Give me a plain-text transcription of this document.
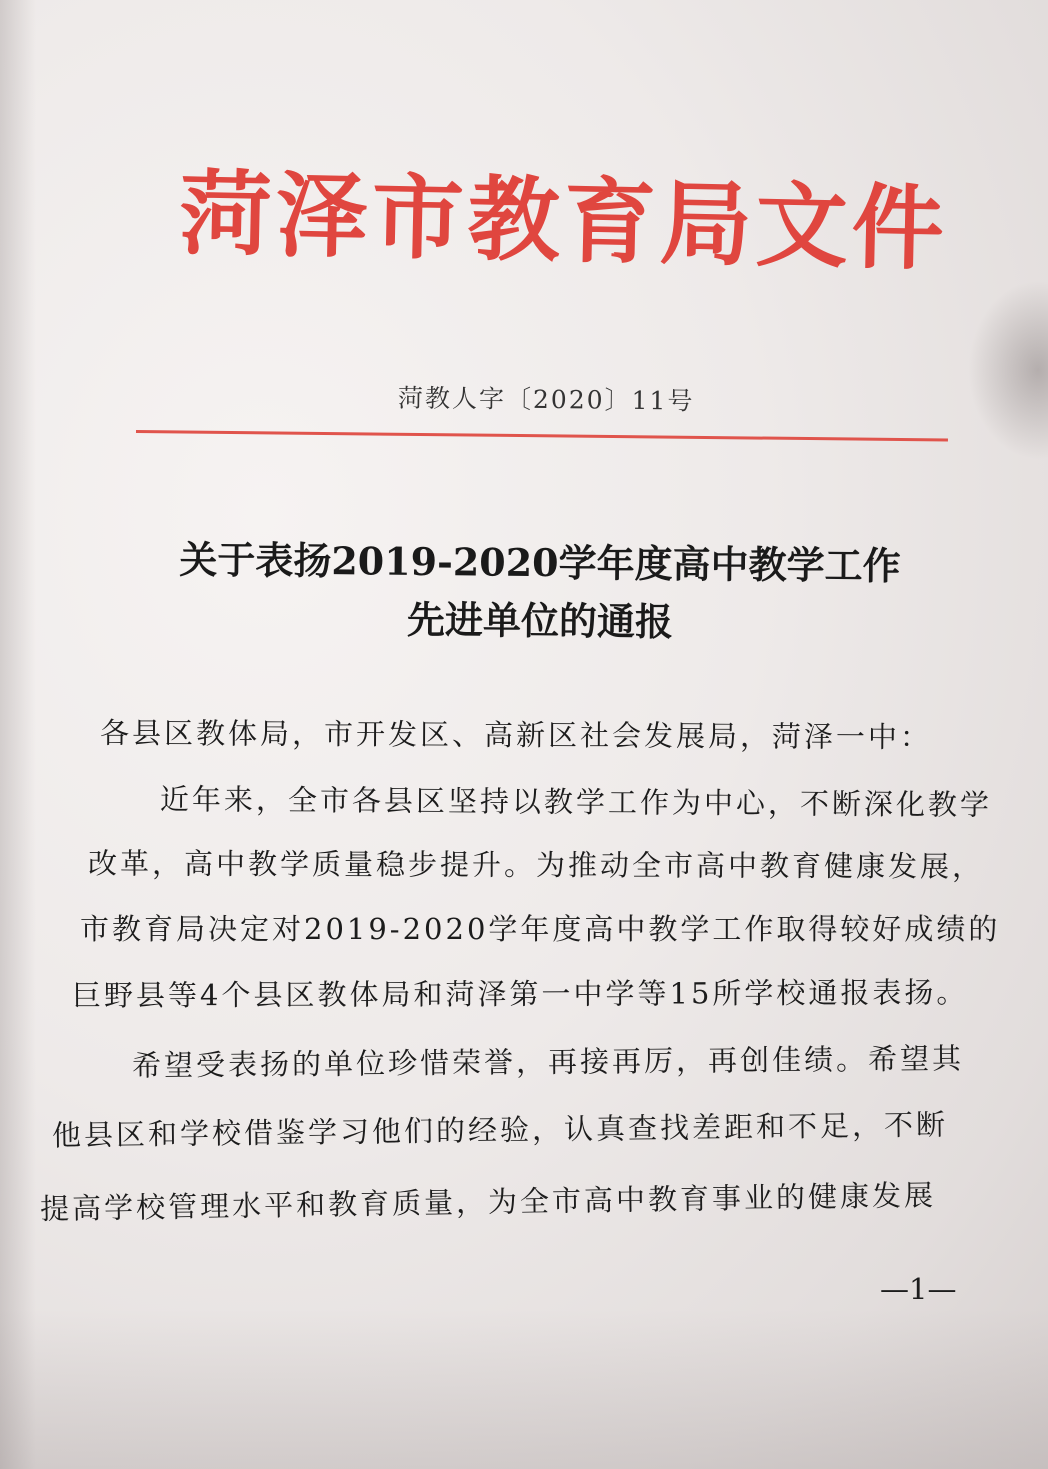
菏泽市教育局文件
菏教人字〔2020〕11号
关于表扬2019-2020学年度高中教学工作
先进单位的通报
各县区教体局，市开发区、高新区社会发展局，菏泽一中：
近年来，全市各县区坚持以教学工作为中心，不断深化教学
改革，高中教学质量稳步提升。为推动全市高中教育健康发展，
市教育局决定对2019-2020学年度高中教学工作取得较好成绩的
巨野县等4个县区教体局和菏泽第一中学等15所学校通报表扬。
希望受表扬的单位珍惜荣誉，再接再厉，再创佳绩。希望其
他县区和学校借鉴学习他们的经验，认真查找差距和不足，不断
提高学校管理水平和教育质量，为全市高中教育事业的健康发展
—1—
